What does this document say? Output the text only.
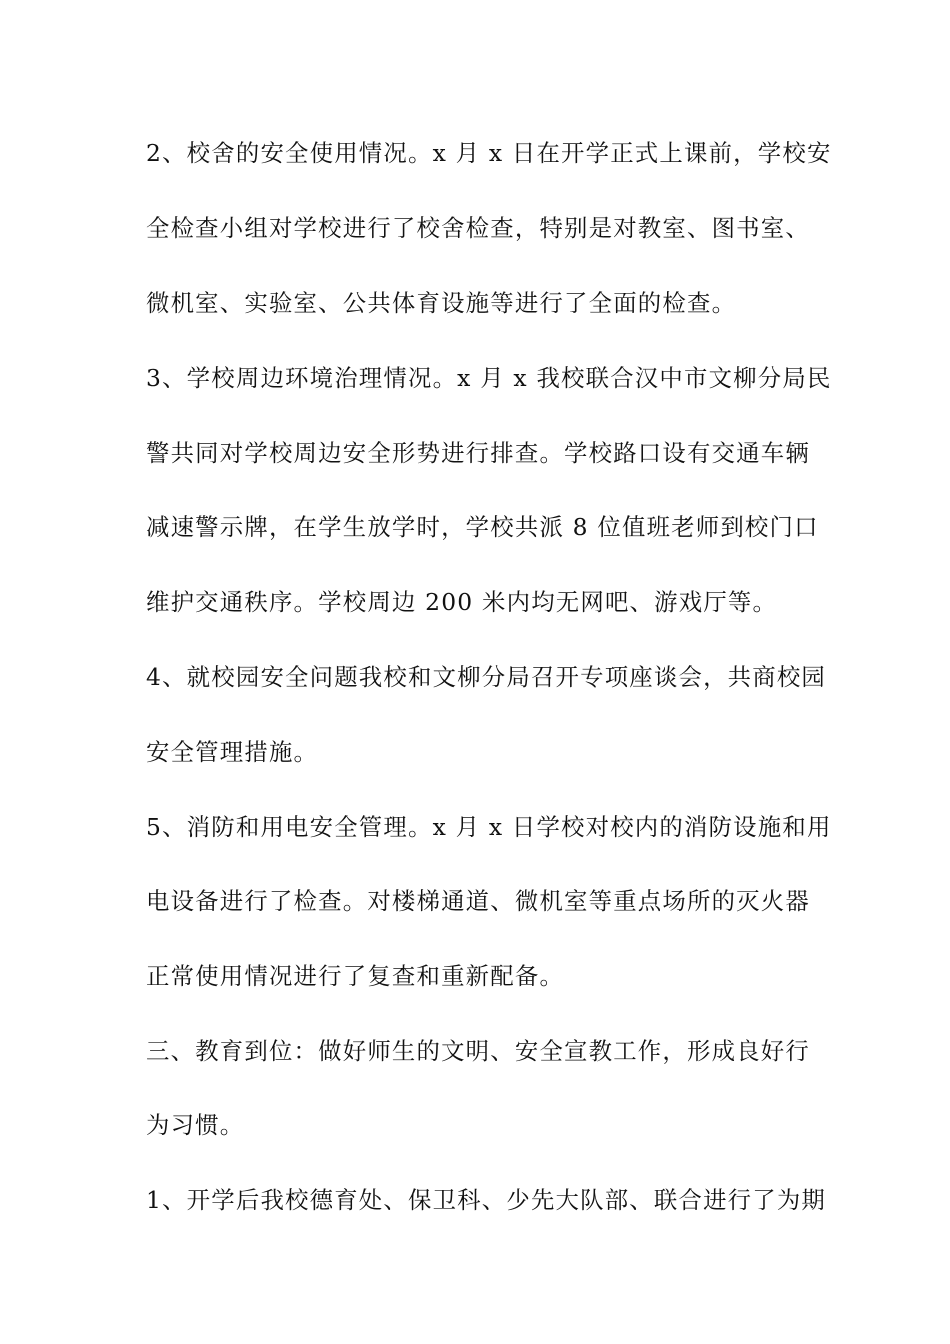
2、校舍的安全使用情况。x 月 x 日在开学正式上课前，学校安
全检查小组对学校进行了校舍检查，特别是对教室、图书室、
微机室、实验室、公共体育设施等进行了全面的检查。
3、学校周边环境治理情况。x 月 x 我校联合汉中市文柳分局民
警共同对学校周边安全形势进行排查。学校路口设有交通车辆
减速警示牌，在学生放学时，学校共派 8 位值班老师到校门口
维护交通秩序。学校周边 200 米内均无网吧、游戏厅等。
4、就校园安全问题我校和文柳分局召开专项座谈会，共商校园
安全管理措施。
5、消防和用电安全管理。x 月 x 日学校对校内的消防设施和用
电设备进行了检查。对楼梯通道、微机室等重点场所的灭火器
正常使用情况进行了复查和重新配备。
三、教育到位：做好师生的文明、安全宣教工作，形成良好行
为习惯。
1、开学后我校德育处、保卫科、少先大队部、联合进行了为期
